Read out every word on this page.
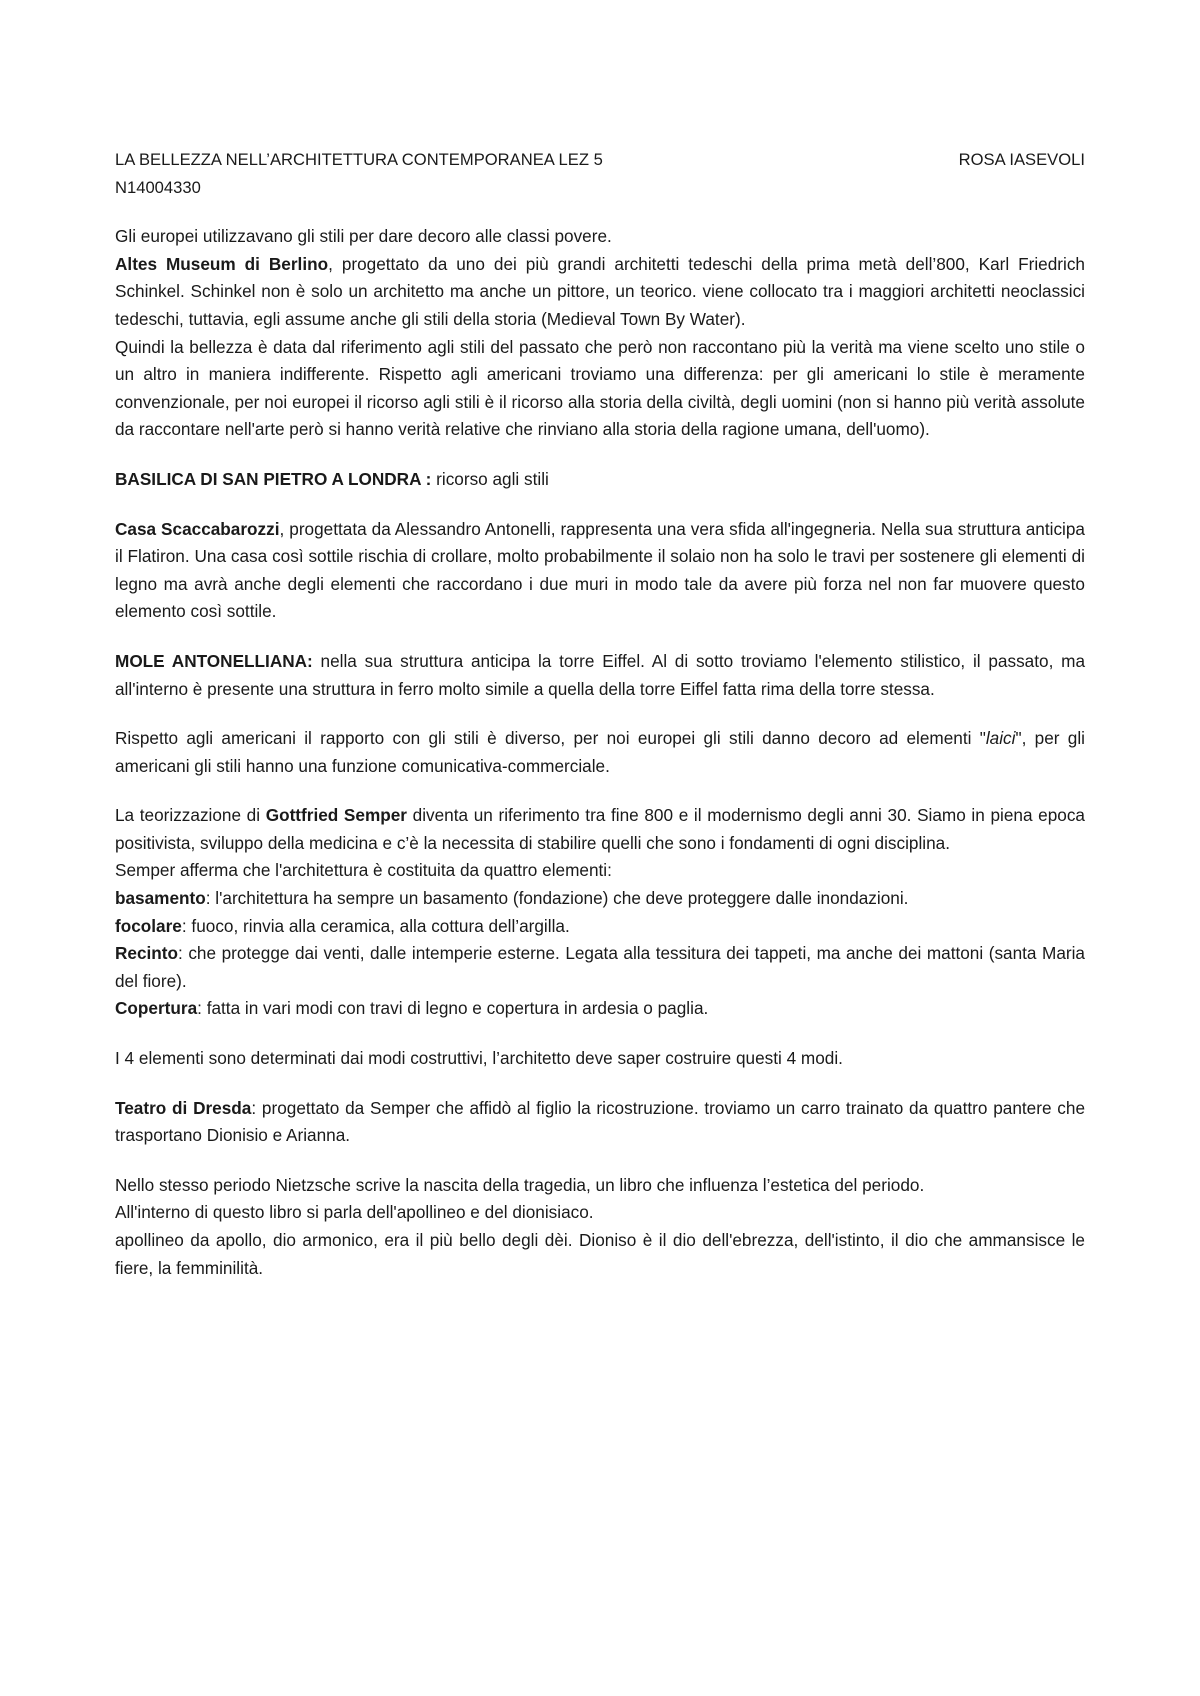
LA BELLEZZA NELL’ARCHITETTURA CONTEMPORANEA LEZ 5	ROSA IASEVOLI
N14004330

Gli europei utilizzavano gli stili per dare decoro alle classi povere.

Altes Museum di Berlino, progettato da uno dei più grandi architetti tedeschi della prima metà dell’800, Karl Friedrich Schinkel. Schinkel non è solo un architetto ma anche un pittore, un teorico. viene collocato tra i maggiori architetti neoclassici tedeschi, tuttavia, egli assume anche gli stili della storia (Medieval Town By Water).

Quindi la bellezza è data dal riferimento agli stili del passato che però non raccontano più la verità ma viene scelto uno stile o un altro in maniera indifferente. Rispetto agli americani troviamo una differenza: per gli americani lo stile è meramente convenzionale, per noi europei il ricorso agli stili è il ricorso alla storia della civiltà, degli uomini (non si hanno più verità assolute da raccontare nell'arte però si hanno verità relative che rinviano alla storia della ragione umana, dell'uomo).

BASILICA DI SAN PIETRO A LONDRA : ricorso agli stili

Casa Scaccabarozzi, progettata da Alessandro Antonelli, rappresenta una vera sfida all'ingegneria. Nella sua struttura anticipa il Flatiron. Una casa così sottile rischia di crollare, molto probabilmente il solaio non ha solo le travi per sostenere gli elementi di legno ma avrà anche degli elementi che raccordano i due muri in modo tale da avere più forza nel non far muovere questo elemento così sottile.

MOLE ANTONELLIANA: nella sua struttura anticipa la torre Eiffel. Al di sotto troviamo l'elemento stilistico, il passato, ma all'interno è presente una struttura in ferro molto simile a quella della torre Eiffel fatta rima della torre stessa.

Rispetto agli americani il rapporto con gli stili è diverso, per noi europei gli stili danno decoro ad elementi "laici", per gli americani gli stili hanno una funzione comunicativa-commerciale.

La teorizzazione di Gottfried Semper diventa un riferimento tra fine 800 e il modernismo degli anni 30. Siamo in piena epoca positivista, sviluppo della medicina e c’è la necessita di stabilire quelli che sono i fondamenti di ogni disciplina.

Semper afferma che l'architettura è costituita da quattro elementi:

basamento: l'architettura ha sempre un basamento (fondazione) che deve proteggere dalle inondazioni.

focolare: fuoco, rinvia alla ceramica, alla cottura dell’argilla.

Recinto: che protegge dai venti, dalle intemperie esterne. Legata alla tessitura dei tappeti, ma anche dei mattoni (santa Maria del fiore).

Copertura: fatta in vari modi con travi di legno e copertura in ardesia o paglia.

I 4 elementi sono determinati dai modi costruttivi, l’architetto deve saper costruire questi 4 modi.

Teatro di Dresda: progettato da Semper che affidò al figlio la ricostruzione. troviamo un carro trainato da quattro pantere che trasportano Dionisio e Arianna.

Nello stesso periodo Nietzsche scrive la nascita della tragedia, un libro che influenza l’estetica del periodo.

All'interno di questo libro si parla dell'apollineo e del dionisiaco.

apollineo da apollo, dio armonico, era il più bello degli dèi. Dioniso è il dio dell'ebrezza, dell'istinto, il dio che ammansisce le fiere, la femminilità.
